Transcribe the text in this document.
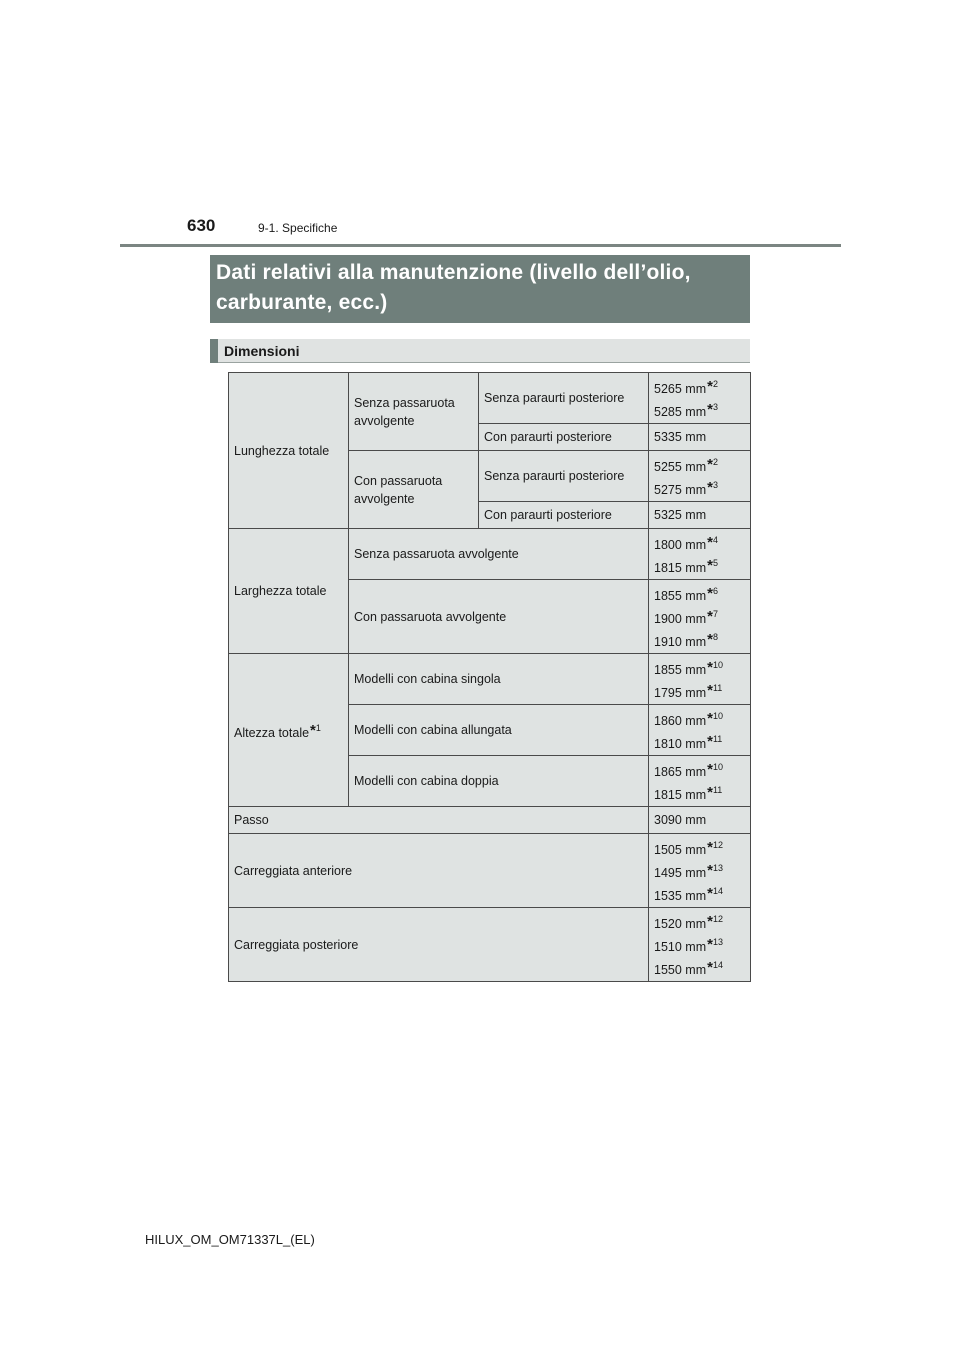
630	9-1. Specifiche
Dati relativi alla manutenzione (livello dell’olio, carburante, ecc.)
Dimensioni
Lunghezza totale	Senza passaruota avvolgente	Senza paraurti posteriore	5265 mm*$^2$
5285 mm*$^3$

		Con paraurti posteriore	5335 mm
	Con passaruota avvolgente	Senza paraurti posteriore	5255 mm*$^2$
5275 mm*$^3$

		Con paraurti posteriore	5325 mm
Larghezza totale	Senza passaruota avvolgente		1800 mm*$^4$
1815 mm*$^5$

	Con passaruota avvolgente		1855 mm*$^6$
1900 mm*$^7$
1910 mm*$^8$

Altezza totale*$^1$	Modelli con cabina singola		1855 mm*$^{10}$
1795 mm*$^{11}$

	Modelli con cabina allungata		1860 mm*$^{10}$
1810 mm*$^{11}$

	Modelli con cabina doppia		1865 mm*$^{10}$
1815 mm*$^{11}$

Passo			3090 mm
Carreggiata anteriore			1505 mm*$^{12}$
1495 mm*$^{13}$
1535 mm*$^{14}$

Carreggiata posteriore			1520 mm*$^{12}$
1510 mm*$^{13}$
1550 mm*$^{14}$
HILUX_OM_OM71337L_(EL)
